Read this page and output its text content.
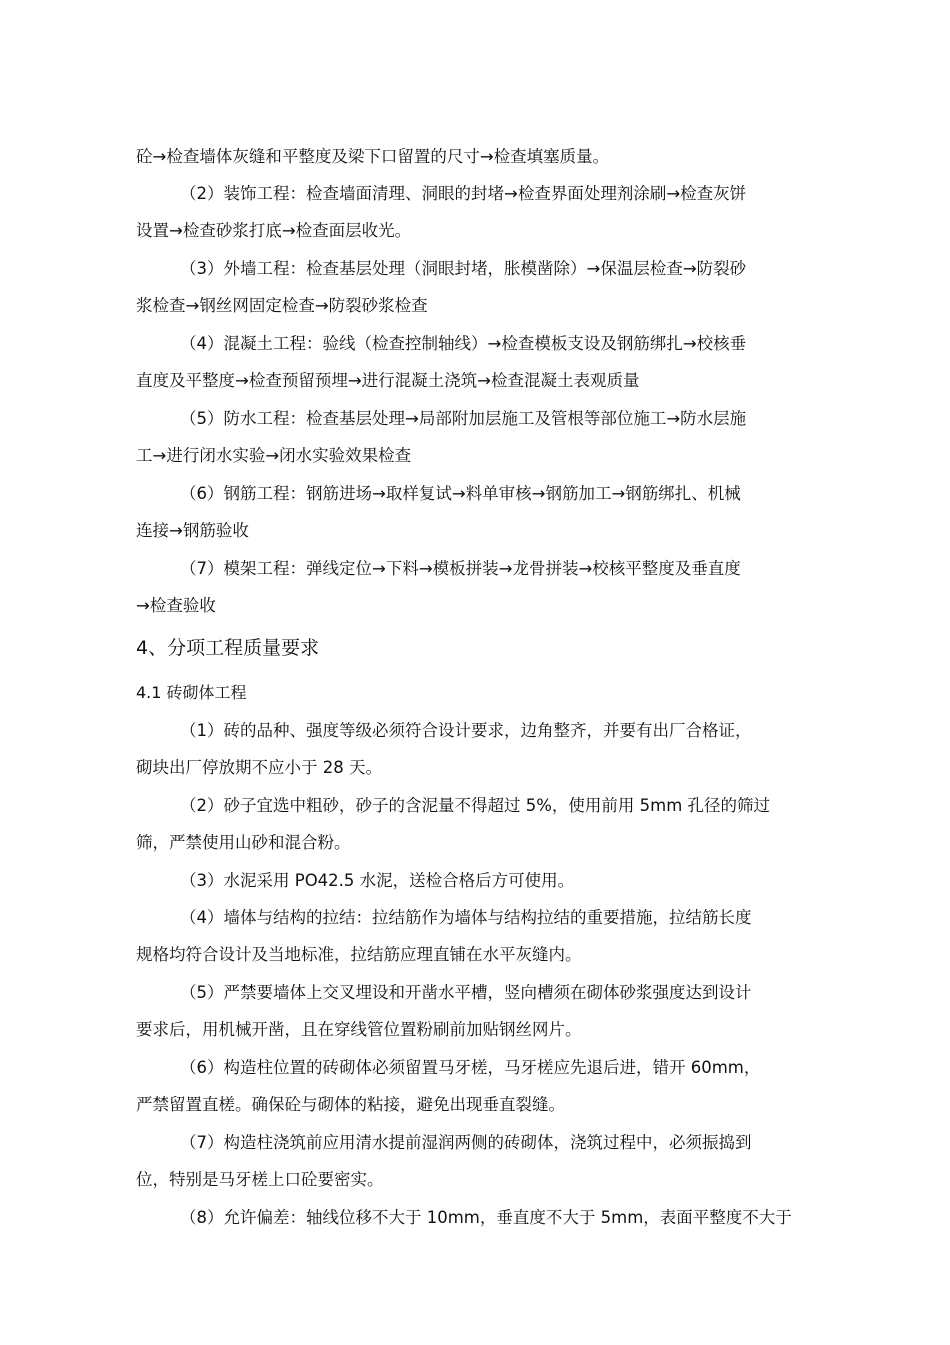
砼→检查墙体灰缝和平整度及梁下口留置的尺寸→检查填塞质量。
（2）装饰工程：检查墙面清理、洞眼的封堵→检查界面处理剂涂刷→检查灰饼
设置→检查砂浆打底→检查面层收光。
（3）外墙工程：检查基层处理（洞眼封堵，胀模凿除）→保温层检查→防裂砂
浆检查→钢丝网固定检查→防裂砂浆检查
（4）混凝土工程：验线（检查控制轴线）→检查模板支设及钢筋绑扎→校核垂
直度及平整度→检查预留预埋→进行混凝土浇筑→检查混凝土表观质量
（5）防水工程：检查基层处理→局部附加层施工及管根等部位施工→防水层施
工→进行闭水实验→闭水实验效果检查
（6）钢筋工程：钢筋进场→取样复试→料单审核→钢筋加工→钢筋绑扎、机械
连接→钢筋验收
（7）模架工程：弹线定位→下料→模板拼装→龙骨拼装→校核平整度及垂直度
→检查验收
4、分项工程质量要求
4.1 砖砌体工程
（1）砖的品种、强度等级必须符合设计要求，边角整齐，并要有出厂合格证，
砌块出厂停放期不应小于 28 天。
（2）砂子宜选中粗砂，砂子的含泥量不得超过 5%，使用前用 5mm 孔径的筛过
筛，严禁使用山砂和混合粉。
（3）水泥采用 PO42.5 水泥，送检合格后方可使用。
（4）墙体与结构的拉结：拉结筋作为墙体与结构拉结的重要措施，拉结筋长度
规格均符合设计及当地标准，拉结筋应理直铺在水平灰缝内。
（5）严禁要墙体上交叉埋设和开凿水平槽，竖向槽须在砌体砂浆强度达到设计
要求后，用机械开凿，且在穿线管位置粉刷前加贴钢丝网片。
（6）构造柱位置的砖砌体必须留置马牙槎，马牙槎应先退后进，错开 60mm，
严禁留置直槎。确保砼与砌体的粘接，避免出现垂直裂缝。
（7）构造柱浇筑前应用清水提前湿润两侧的砖砌体，浇筑过程中，必须振捣到
位，特别是马牙槎上口砼要密实。
（8）允许偏差：轴线位移不大于 10mm，垂直度不大于 5mm，表面平整度不大于
